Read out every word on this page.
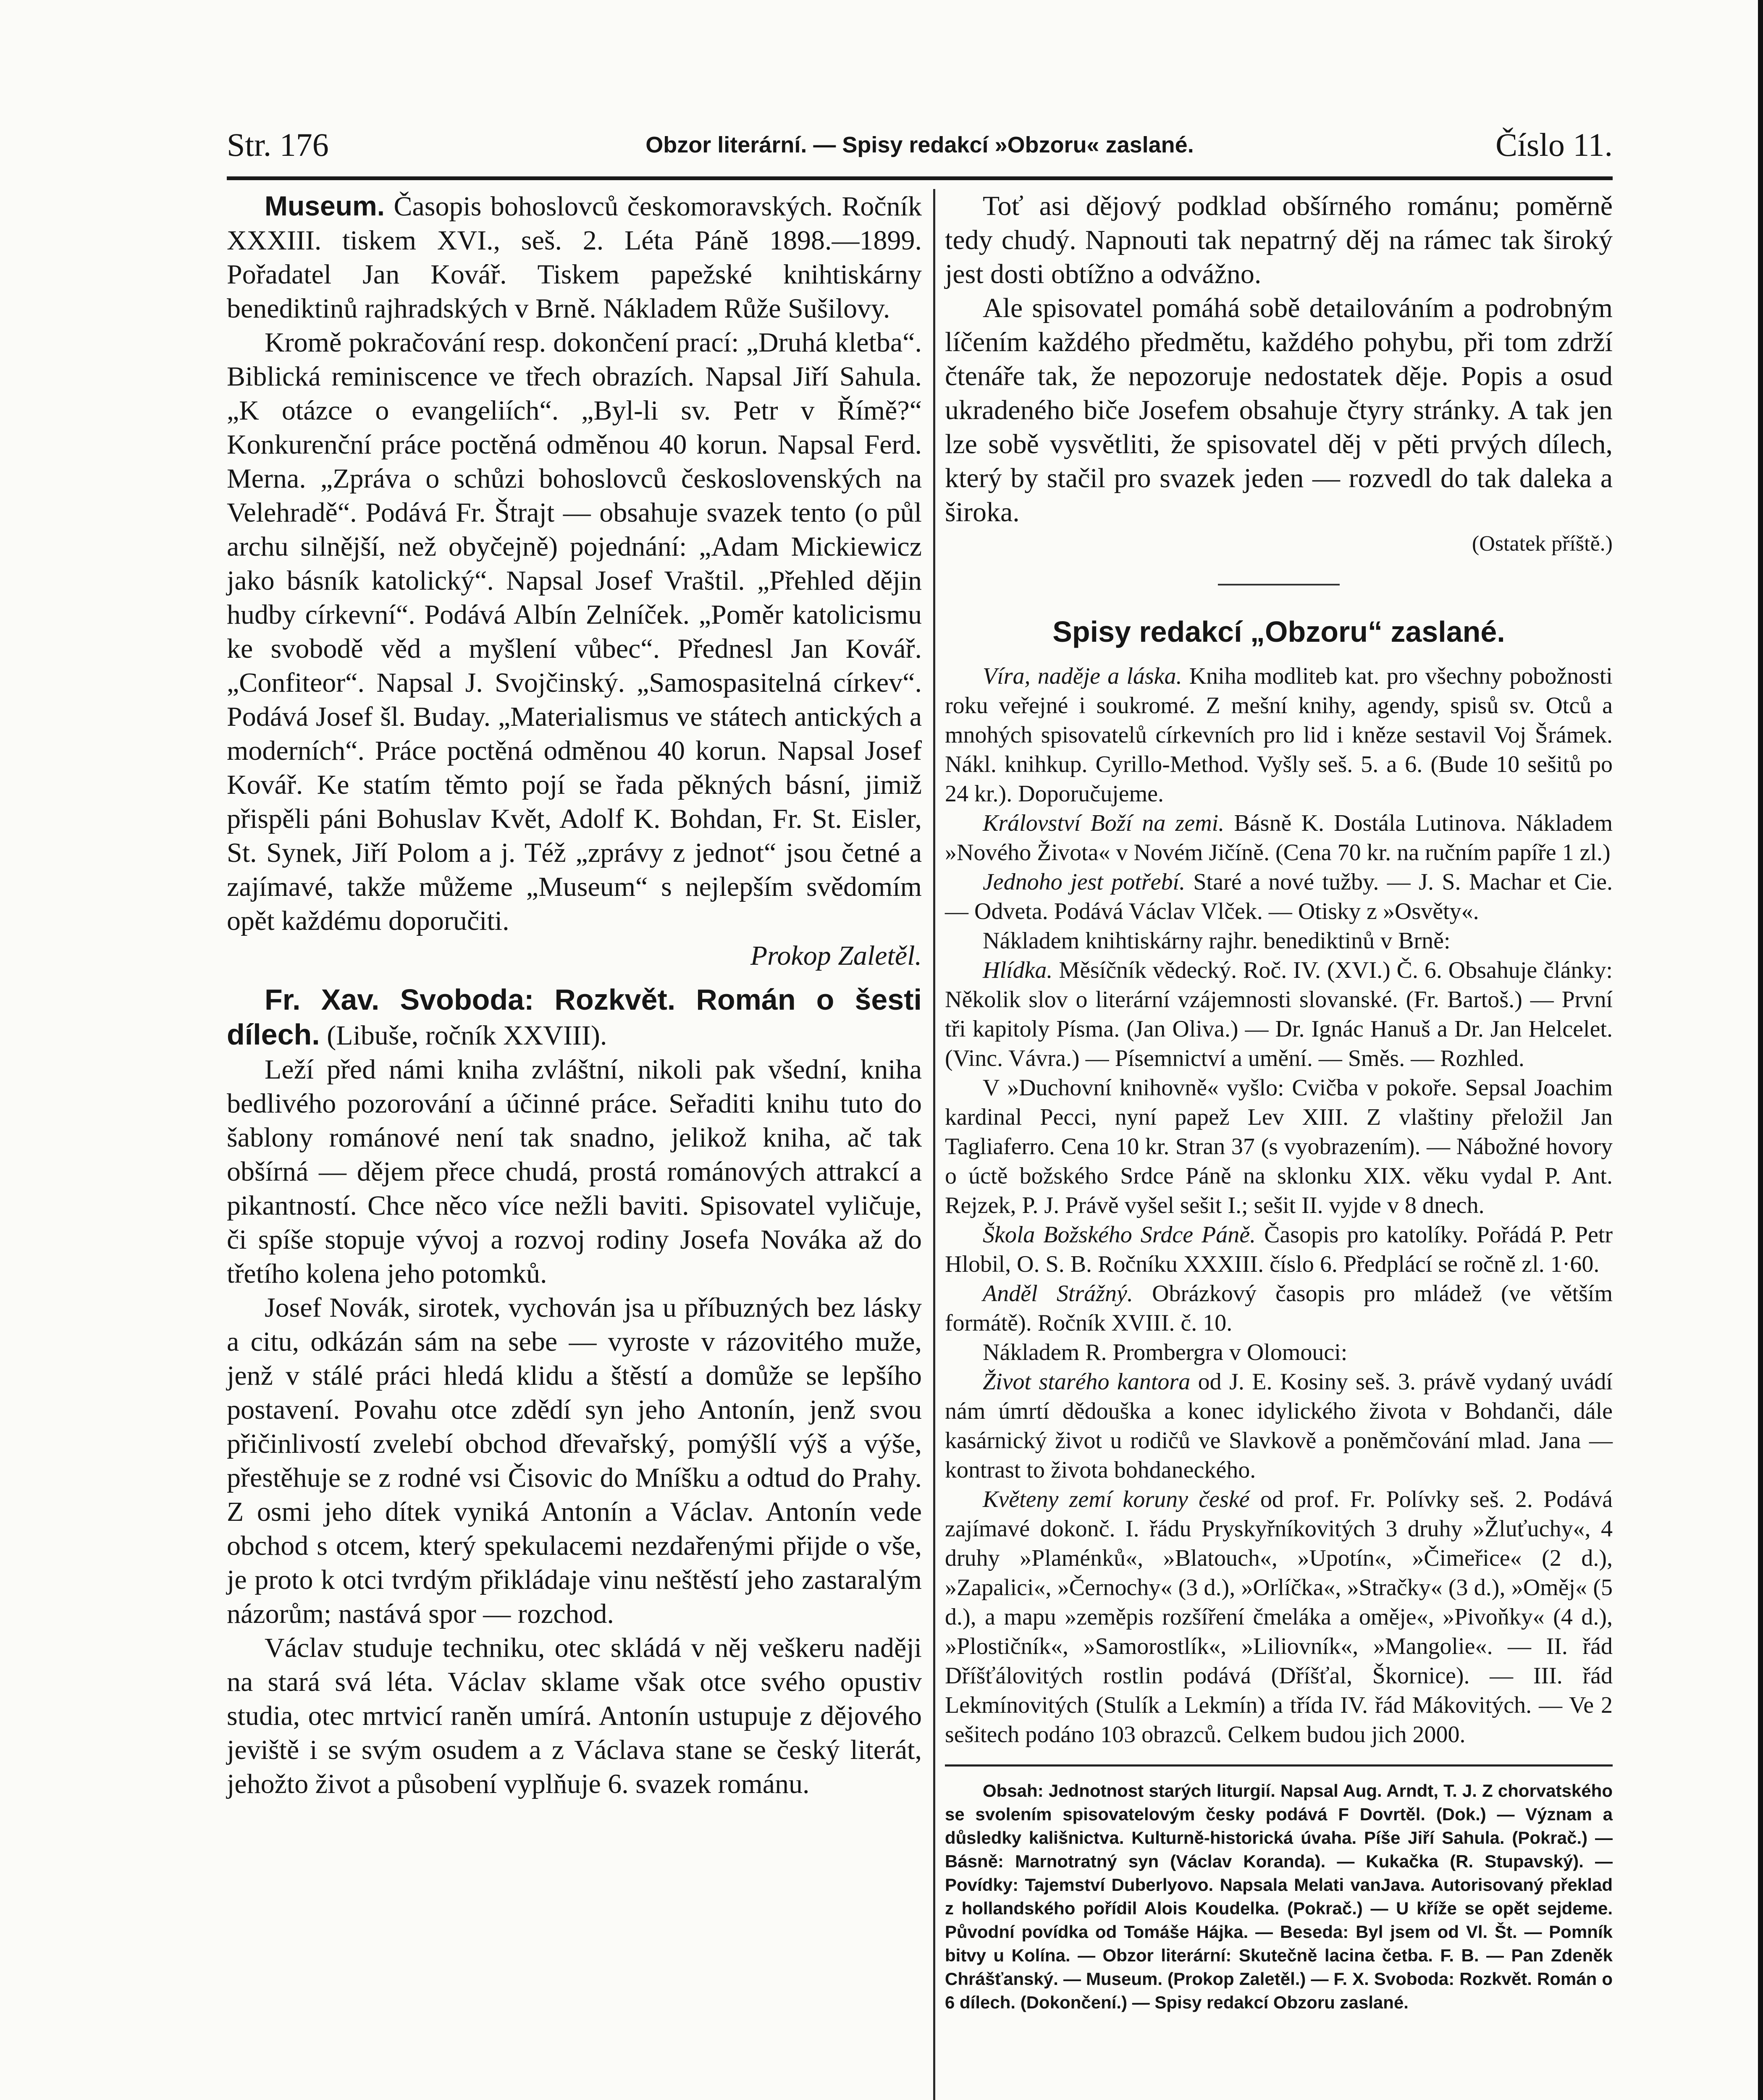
Str. 176	Obzor literární. — Spisy redakcí »Obzoru« zaslané.	Číslo 11.

Museum. Časopis bohoslovců českomoravských. Ročník XXXIII. tiskem XVI., seš. 2. Léta Páně 1898.—1899. Pořadatel Jan Kovář. Tiskem papežské knihtiskárny benediktinů rajhradských v Brně. Nákladem Růže Sušilovy.

Kromě pokračování resp. dokončení prací: „Druhá kletba“. Biblická reminiscence ve třech obrazích. Napsal Jiří Sahula. „K otázce o evangeliích“. „Byl-li sv. Petr v Římě?“ Konkurenční práce poctěná odměnou 40 korun. Napsal Ferd. Merna. „Zpráva o schůzi bohoslovců československých na Velehradě“. Podává Fr. Štrajt — obsahuje svazek tento (o půl archu silnější, než obyčejně) pojednání: „Adam Mickiewicz jako básník katolický“. Napsal Josef Vraštil. „Přehled dějin hudby církevní“. Podává Albín Zelníček. „Poměr katolicismu ke svobodě věd a myšlení vůbec“. Přednesl Jan Kovář. „Confiteor“. Napsal J. Svojčinský. „Samospasitelná církev“. Podává Josef šl. Buday. „Materialismus ve státech antických a moderních“. Práce poctěná odměnou 40 korun. Napsal Josef Kovář. Ke statím těmto pojí se řada pěkných básní, jimiž přispěli páni Bohuslav Květ, Adolf K. Bohdan, Fr. St. Eisler, St. Synek, Jiří Polom a j. Též „zprávy z jednot“ jsou četné a zajímavé, takže můžeme „Museum“ s nejlepším svědomím opět každému doporučiti.

Prokop Zaletěl.

Fr. Xav. Svoboda: Rozkvět. Román o šesti dílech. (Libuše, ročník XXVIII).

Leží před námi kniha zvláštní, nikoli pak všední, kniha bedlivého pozorování a účinné práce. Seřaditi knihu tuto do šablony románové není tak snadno, jelikož kniha, ač tak obšírná — dějem přece chudá, prostá románových attrakcí a pikantností. Chce něco více nežli baviti. Spisovatel vyličuje, či spíše stopuje vývoj a rozvoj rodiny Josefa Nováka až do třetího kolena jeho potomků.

Josef Novák, sirotek, vychován jsa u příbuzných bez lásky a citu, odkázán sám na sebe — vyroste v rázovitého muže, jenž v stálé práci hledá klidu a štěstí a domůže se lepšího postavení. Povahu otce zdědí syn jeho Antonín, jenž svou přičinlivostí zvelebí obchod dřevařský, pomýšlí výš a výše, přestěhuje se z rodné vsi Čisovic do Mníšku a odtud do Prahy. Z osmi jeho dítek vyniká Antonín a Václav. Antonín vede obchod s otcem, který spekulacemi nezdařenými přijde o vše, je proto k otci tvrdým přikládaje vinu neštěstí jeho zastaralým názorům; nastává spor — rozchod.

Václav studuje techniku, otec skládá v něj veškeru naději na stará svá léta. Václav sklame však otce svého opustiv studia, otec mrtvicí raněn umírá. Antonín ustupuje z dějového jeviště i se svým osudem a z Václava stane se český literát, jehožto život a působení vyplňuje 6. svazek románu.

Toť asi dějový podklad obšírného románu; poměrně tedy chudý. Napnouti tak nepatrný děj na rámec tak široký jest dosti obtížno a odvážno.

Ale spisovatel pomáhá sobě detailováním a podrobným líčením každého předmětu, každého pohybu, při tom zdrží čtenáře tak, že nepozoruje nedostatek děje. Popis a osud ukradeného biče Josefem obsahuje čtyry stránky. A tak jen lze sobě vysvětliti, že spisovatel děj v pěti prvých dílech, který by stačil pro svazek jeden — rozvedl do tak daleka a široka.

(Ostatek příště.)
Spisy redakcí „Obzoru“ zaslané.

Víra, naděje a láska. Kniha modliteb kat. pro všechny pobožnosti roku veřejné i soukromé. Z mešní knihy, agendy, spisů sv. Otců a mnohých spisovatelů církevních pro lid i kněze sestavil Voj Šrámek. Nákl. knihkup. Cyrillo-Method. Vyšly seš. 5. a 6. (Bude 10 sešitů po 24 kr.). Doporučujeme.

Království Boží na zemi. Básně K. Dostála Lutinova. Nákladem »Nového Života« v Novém Jičíně. (Cena 70 kr. na ručním papíře 1 zl.)

Jednoho jest potřebí. Staré a nové tužby. — J. S. Machar et Cie. — Odveta. Podává Václav Vlček. — Otisky z »Osvěty«.

Nákladem knihtiskárny rajhr. benediktinů v Brně:

Hlídka. Měsíčník vědecký. Roč. IV. (XVI.) Č. 6. Obsahuje články: Několik slov o literární vzájemnosti slovanské. (Fr. Bartoš.) — První tři kapitoly Písma. (Jan Oliva.) — Dr. Ignác Hanuš a Dr. Jan Helcelet. (Vinc. Vávra.) — Písemnictví a umění. — Směs. — Rozhled.

V »Duchovní knihovně« vyšlo: Cvičba v pokoře. Sepsal Joachim kardinal Pecci, nyní papež Lev XIII. Z vlaštiny přeložil Jan Tagliaferro. Cena 10 kr. Stran 37 (s vyobrazením). — Nábožné hovory o úctě božského Srdce Páně na sklonku XIX. věku vydal P. Ant. Rejzek, P. J. Právě vyšel sešit I.; sešit II. vyjde v 8 dnech.

Škola Božského Srdce Páně. Časopis pro katolíky. Pořádá P. Petr Hlobil, O. S. B. Ročníku XXXIII. číslo 6. Předplácí se ročně zl. 1·60.

Anděl Strážný. Obrázkový časopis pro mládež (ve větším formátě). Ročník XVIII. č. 10.

Nákladem R. Prombergra v Olomouci:

Život starého kantora od J. E. Kosiny seš. 3. právě vydaný uvádí nám úmrtí dědouška a konec idylického života v Bohdanči, dále kasárnický život u rodičů ve Slavkově a poněmčování mlad. Jana — kontrast to života bohdaneckého.

Květeny zemí koruny české od prof. Fr. Polívky seš. 2. Podává zajímavé dokonč. I. řádu Pryskyřníkovitých 3 druhy »Žluťuchy«, 4 druhy »Plaménků«, »Blatouch«, »Upotín«, »Čimeřice« (2 d.), »Zapalici«, »Černochy« (3 d.), »Orlíčka«, »Stračky« (3 d.), »Oměj« (5 d.), a mapu »zeměpis rozšíření čmeláka a oměje«, »Pivoňky« (4 d.), »Plostičník«, »Samorostlík«, »Liliovník«, »Mangolie«. — II. řád Dříšťálovitých rostlin podává (Dříšťal, Škornice). — III. řád Lekmínovitých (Stulík a Lekmín) a třída IV. řád Mákovitých. — Ve 2 sešitech podáno 103 obrazců. Celkem budou jich 2000.

Obsah: Jednotnost starých liturgií. Napsal Aug. Arndt, T. J. Z chorvatského se svolením spisovatelovým česky podává F Dovrtěl. (Dok.) — Význam a důsledky kališnictva. Kulturně-historická úvaha. Píše Jiří Sahula. (Pokrač.) — Básně: Marnotratný syn (Václav Koranda). — Kukačka (R. Stupavský). — Povídky: Tajemství Duberlyovo. Napsala Melati vanJava. Autorisovaný překlad z hollandského pořídil Alois Koudelka. (Pokrač.) — U kříže se opět sejdeme. Původní povídka od Tomáše Hájka. — Beseda: Byl jsem od Vl. Št. — Pomník bitvy u Kolína. — Obzor literární: Skutečně lacina četba. F. B. — Pan Zdeněk Chrášťanský. — Museum. (Prokop Zaletěl.) — F. X. Svoboda: Rozkvět. Román o 6 dílech. (Dokončení.) — Spisy redakcí Obzoru zaslané.
